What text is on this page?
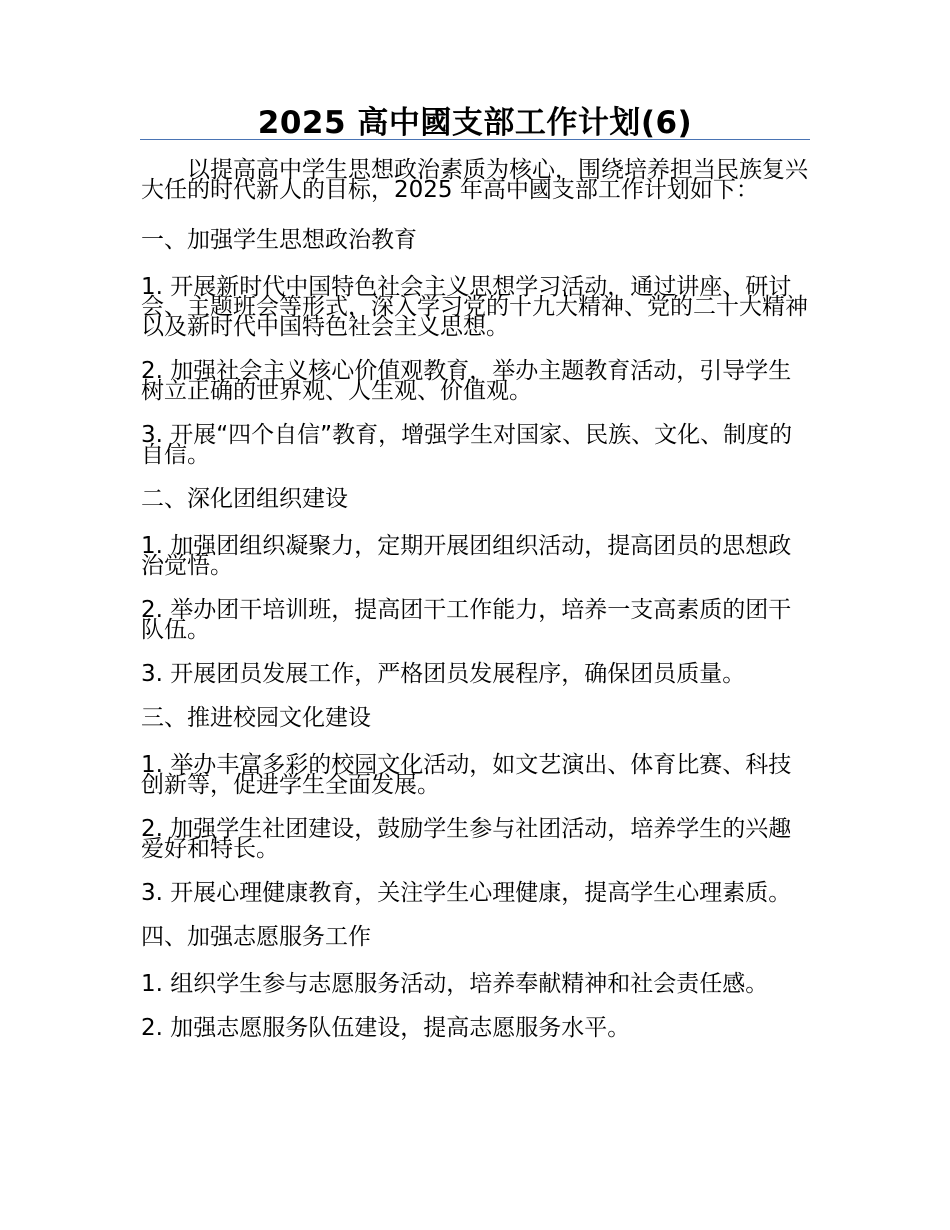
2025 高中國支部工作计划(6)

以提高高中学生思想政治素质为核心，围绕培养担当民族复兴大任的时代新人的目标，2025 年高中國支部工作计划如下：

一、加强学生思想政治教育

1. 开展新时代中国特色社会主义思想学习活动，通过讲座、研讨会、主题班会等形式，深入学习党的十九大精神、党的二十大精神以及新时代中国特色社会主义思想。

2. 加强社会主义核心价值观教育，举办主题教育活动，引导学生树立正确的世界观、人生观、价值观。

3. 开展“四个自信”教育，增强学生对国家、民族、文化、制度的自信。

二、深化团组织建设

1. 加强团组织凝聚力，定期开展团组织活动，提高团员的思想政治觉悟。

2. 举办团干培训班，提高团干工作能力，培养一支高素质的团干队伍。

3. 开展团员发展工作，严格团员发展程序，确保团员质量。

三、推进校园文化建设

1. 举办丰富多彩的校园文化活动，如文艺演出、体育比赛、科技创新等，促进学生全面发展。

2. 加强学生社团建设，鼓励学生参与社团活动，培养学生的兴趣爱好和特长。

3. 开展心理健康教育，关注学生心理健康，提高学生心理素质。

四、加强志愿服务工作

1. 组织学生参与志愿服务活动，培养奉献精神和社会责任感。

2. 加强志愿服务队伍建设，提高志愿服务水平。
